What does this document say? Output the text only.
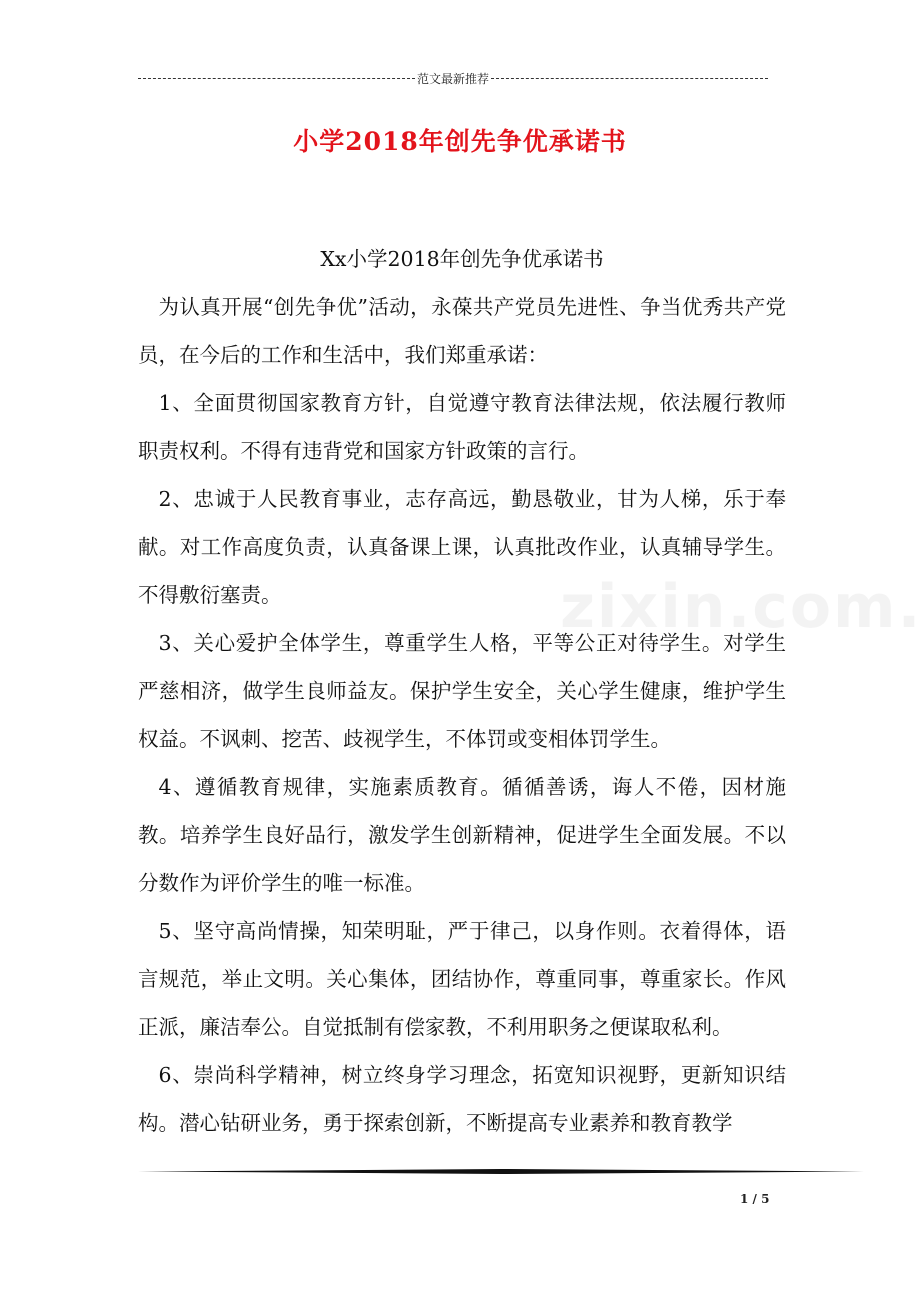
范文最新推荐
小学2018年创先争优承诺书

Xx小学2018年创先争优承诺书

为认真开展“创先争优”活动，永葆共产党员先进性、争当优秀共产党员，在今后的工作和生活中，我们郑重承诺：

1、全面贯彻国家教育方针，自觉遵守教育法律法规，依法履行教师职责权利。不得有违背党和国家方针政策的言行。

2、忠诚于人民教育事业，志存高远，勤恳敬业，甘为人梯，乐于奉献。对工作高度负责，认真备课上课，认真批改作业，认真辅导学生。不得敷衍塞责。

3、关心爱护全体学生，尊重学生人格，平等公正对待学生。对学生严慈相济，做学生良师益友。保护学生安全，关心学生健康，维护学生权益。不讽刺、挖苦、歧视学生，不体罚或变相体罚学生。

4、遵循教育规律，实施素质教育。循循善诱，诲人不倦，因材施教。培养学生良好品行，激发学生创新精神，促进学生全面发展。不以分数作为评价学生的唯一标准。

5、坚守高尚情操，知荣明耻，严于律己，以身作则。衣着得体，语言规范，举止文明。关心集体，团结协作，尊重同事，尊重家长。作风正派，廉洁奉公。自觉抵制有偿家教，不利用职务之便谋取私利。

6、崇尚科学精神，树立终身学习理念，拓宽知识视野，更新知识结构。潜心钻研业务，勇于探索创新，不断提高专业素养和教育教学

1 / 5
